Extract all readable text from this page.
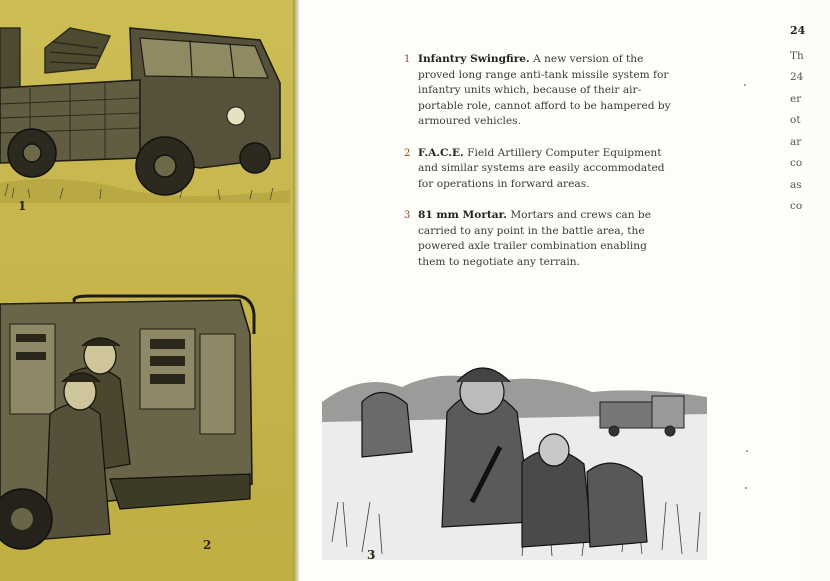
1
2
1 Infantry Swingfire. A new version of the proved long range anti-tank missile system for infantry units which, because of their air-portable role, cannot afford to be hampered by armoured vehicles.
2 F.A.C.E. Field Artillery Computer Equipment and similar systems are easily accommodated for operations in forward areas.
3 81 mm Mortar. Mortars and crews can be carried to any point in the battle area, the powered axle trailer combination enabling them to negotiate any terrain.
3
24
Th
24
er
ot
ar
co
as
co
